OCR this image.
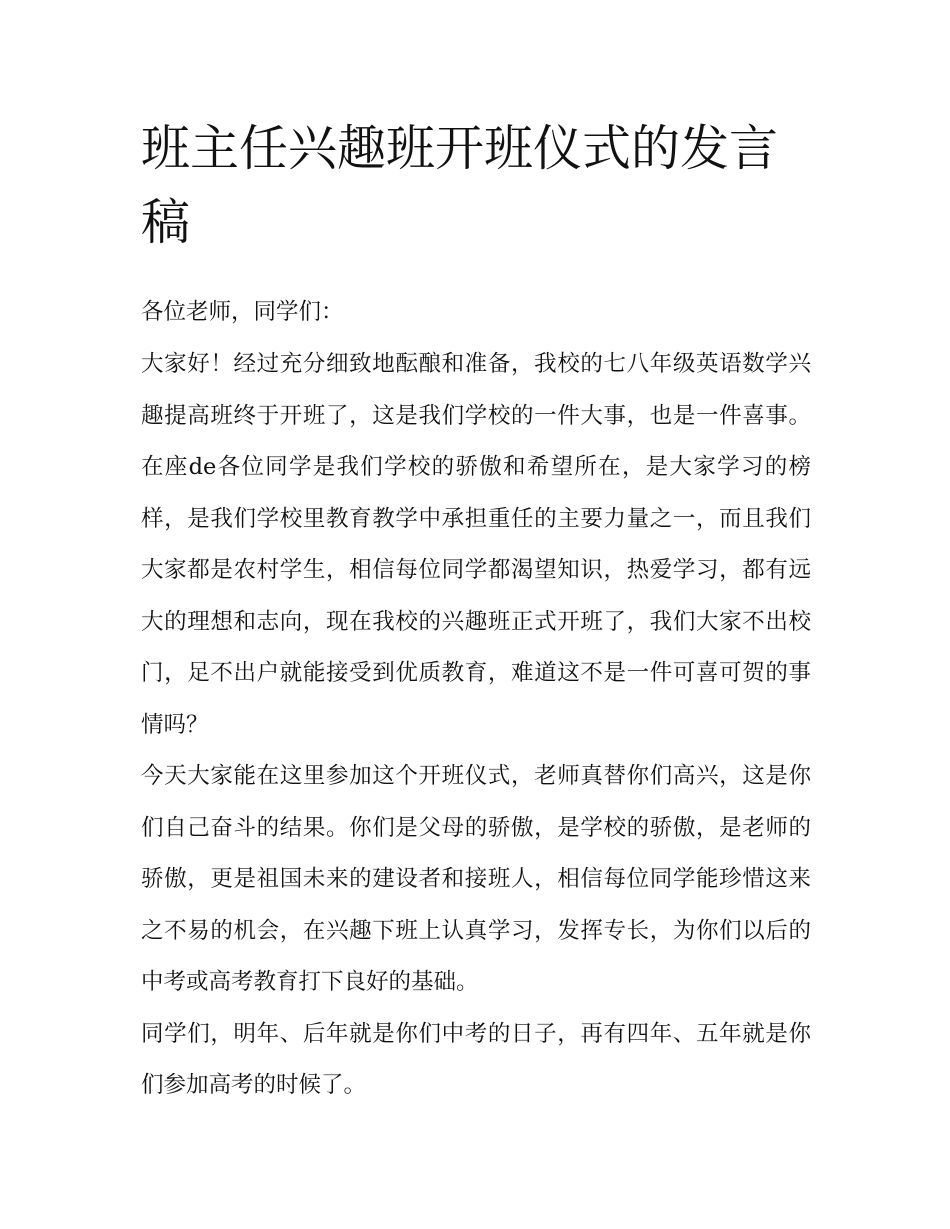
班主任兴趣班开班仪式的发言稿

各位老师，同学们：

大家好！经过充分细致地酝酿和准备，我校的七八年级英语数学兴趣提高班终于开班了，这是我们学校的一件大事，也是一件喜事。在座de各位同学是我们学校的骄傲和希望所在，是大家学习的榜样，是我们学校里教育教学中承担重任的主要力量之一，而且我们大家都是农村学生，相信每位同学都渴望知识，热爱学习，都有远大的理想和志向，现在我校的兴趣班正式开班了，我们大家不出校门，足不出户就能接受到优质教育，难道这不是一件可喜可贺的事情吗？

今天大家能在这里参加这个开班仪式，老师真替你们高兴，这是你们自己奋斗的结果。你们是父母的骄傲，是学校的骄傲，是老师的骄傲，更是祖国未来的建设者和接班人，相信每位同学能珍惜这来之不易的机会，在兴趣下班上认真学习，发挥专长，为你们以后的中考或高考教育打下良好的基础。

同学们，明年、后年就是你们中考的日子，再有四年、五年就是你们参加高考的时候了。
